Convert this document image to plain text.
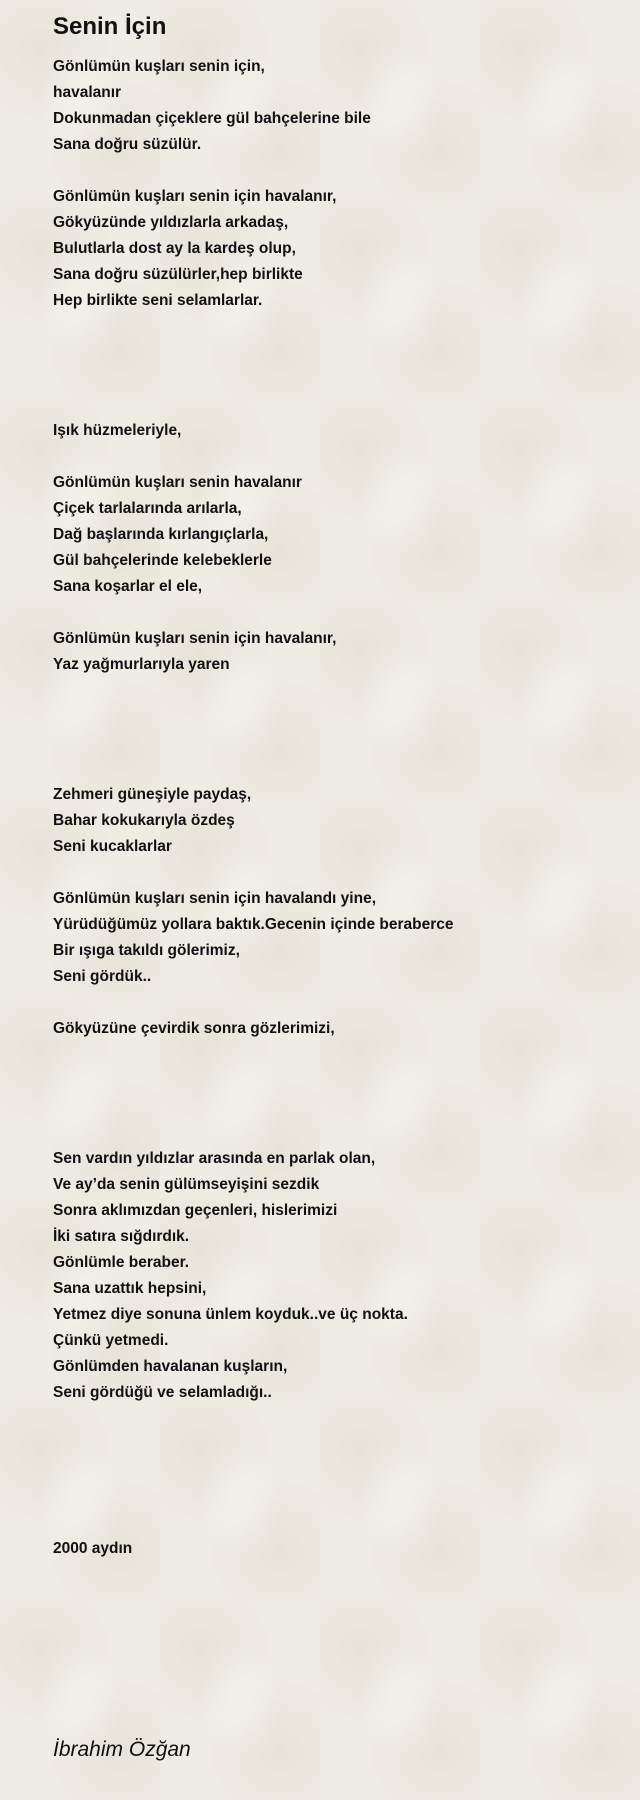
Senin İçin
Gönlümün kuşları senin için,
havalanır
Dokunmadan çiçeklere gül bahçelerine bile
Sana doğru süzülür.
Gönlümün kuşları senin için havalanır,
Gökyüzünde yıldızlarla arkadaş,
Bulutlarla dost ay la kardeş olup,
Sana doğru süzülürler,hep birlikte
Hep birlikte seni selamlarlar.
Işık hüzmeleriyle,
Gönlümün kuşları senin havalanır
Çiçek tarlalarında arılarla,
Dağ başlarında kırlangıçlarla,
Gül bahçelerinde kelebeklerle
Sana koşarlar el ele,
Gönlümün kuşları senin için havalanır,
Yaz yağmurlarıyla yaren
Zehmeri güneşiyle paydaş,
Bahar kokukarıyla özdeş
Seni kucaklarlar
Gönlümün kuşları senin için havalandı yine,
Yürüdüğümüz yollara baktık.Gecenin içinde beraberce
Bir ışıga takıldı gölerimiz,
Seni gördük..
Gökyüzüne çevirdik sonra gözlerimizi,
Sen vardın yıldızlar arasında en parlak olan,
Ve ay’da senin gülümseyişini sezdik
Sonra aklımızdan geçenleri, hislerimizi
İki satıra sığdırdık.
Gönlümle beraber.
Sana uzattık hepsini,
Yetmez diye sonuna ünlem koyduk..ve üç nokta.
Çünkü yetmedi.
Gönlümden havalanan kuşların,
Seni gördüğü ve selamladığı..
2000 aydın
İbrahim Özğan
